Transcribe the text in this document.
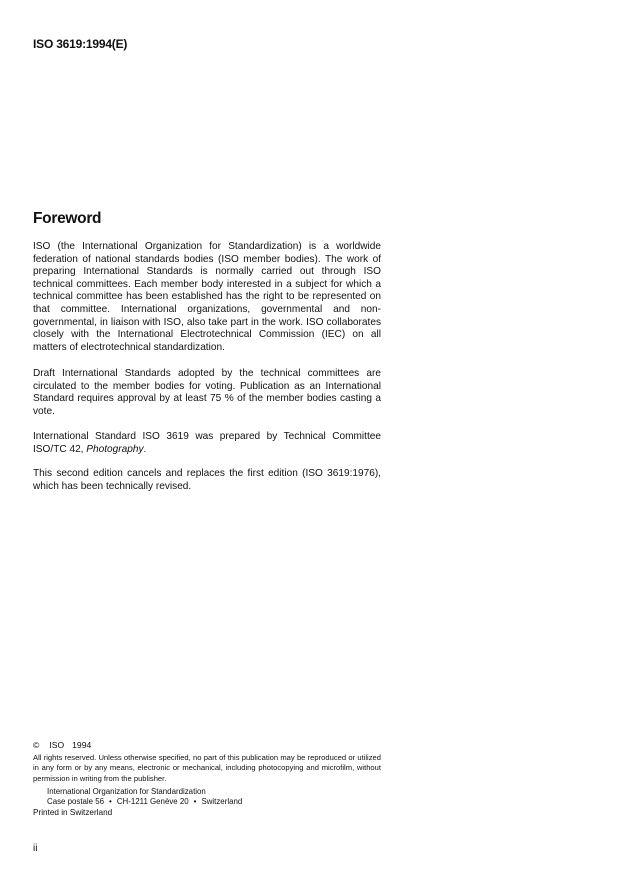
ISO 3619:1994(E)
Foreword
ISO (the International Organization for Standardization) is a worldwide federation of national standards bodies (ISO member bodies). The work of preparing International Standards is normally carried out through ISO technical committees. Each member body interested in a subject for which a technical committee has been established has the right to be represented on that committee. International organizations, governmental and non-governmental, in liaison with ISO, also take part in the work. ISO collaborates closely with the International Electrotechnical Commission (IEC) on all matters of electrotechnical standardization.
Draft International Standards adopted by the technical committees are circulated to the member bodies for voting. Publication as an International Standard requires approval by at least 75 % of the member bodies casting a vote.
International Standard ISO 3619 was prepared by Technical Committee ISO/TC 42, Photography.
This second edition cancels and replaces the first edition (ISO 3619:1976), which has been technically revised.
© ISO 1994
All rights reserved. Unless otherwise specified, no part of this publication may be reproduced or utilized in any form or by any means, electronic or mechanical, including photocopying and microfilm, without permission in writing from the publisher.
International Organization for Standardization
Case postale 56 • CH-1211 Genève 20 • Switzerland
Printed in Switzerland
ii
